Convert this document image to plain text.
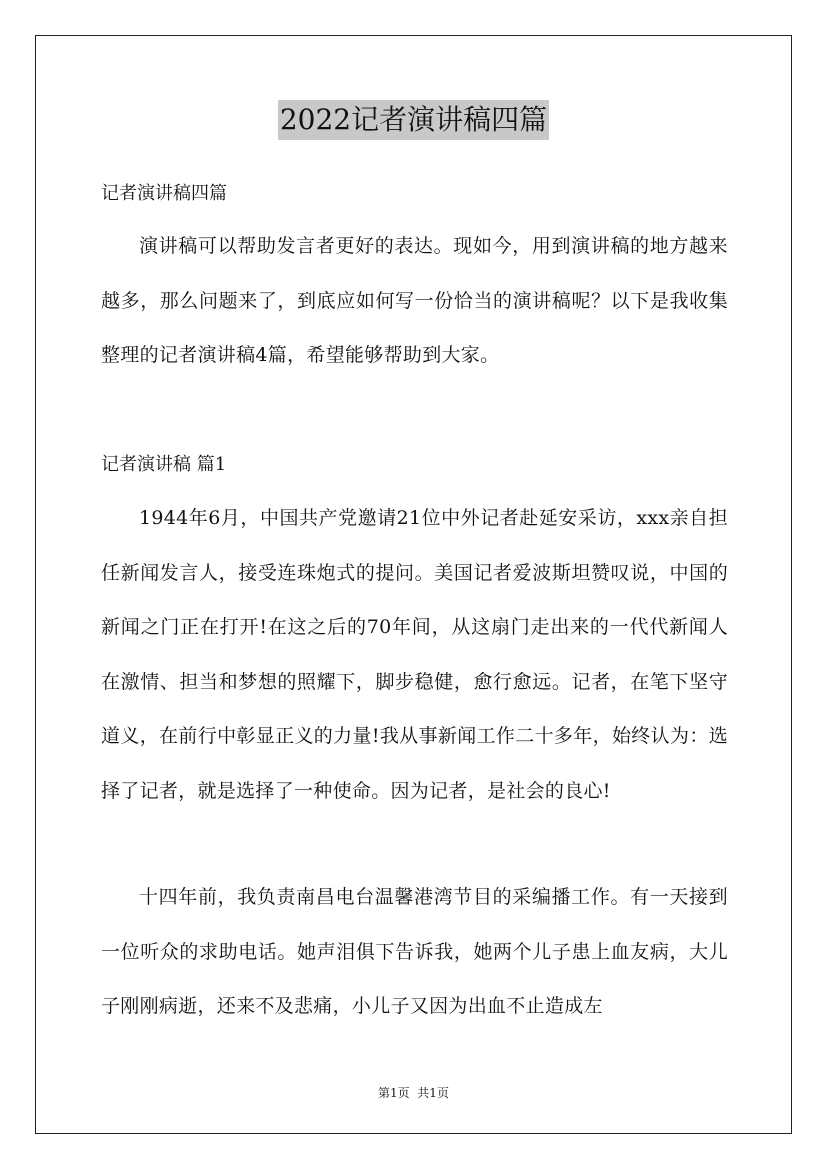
2022记者演讲稿四篇
记者演讲稿四篇

演讲稿可以帮助发言者更好的表达。现如今，用到演讲稿的地方越来越多，那么问题来了，到底应如何写一份恰当的演讲稿呢？以下是我收集整理的记者演讲稿4篇，希望能够帮助到大家。

记者演讲稿 篇1

1944年6月，中国共产党邀请21位中外记者赴延安采访，xxx亲自担任新闻发言人，接受连珠炮式的提问。美国记者爱波斯坦赞叹说，中国的新闻之门正在打开!在这之后的70年间，从这扇门走出来的一代代新闻人在激情、担当和梦想的照耀下，脚步稳健，愈行愈远。记者，在笔下坚守道义，在前行中彰显正义的力量!我从事新闻工作二十多年，始终认为：选择了记者，就是选择了一种使命。因为记者，是社会的良心!

十四年前，我负责南昌电台温馨港湾节目的采编播工作。有一天接到一位听众的求助电话。她声泪俱下告诉我，她两个儿子患上血友病，大儿子刚刚病逝，还来不及悲痛，小儿子又因为出血不止造成左

第1页  共1页
